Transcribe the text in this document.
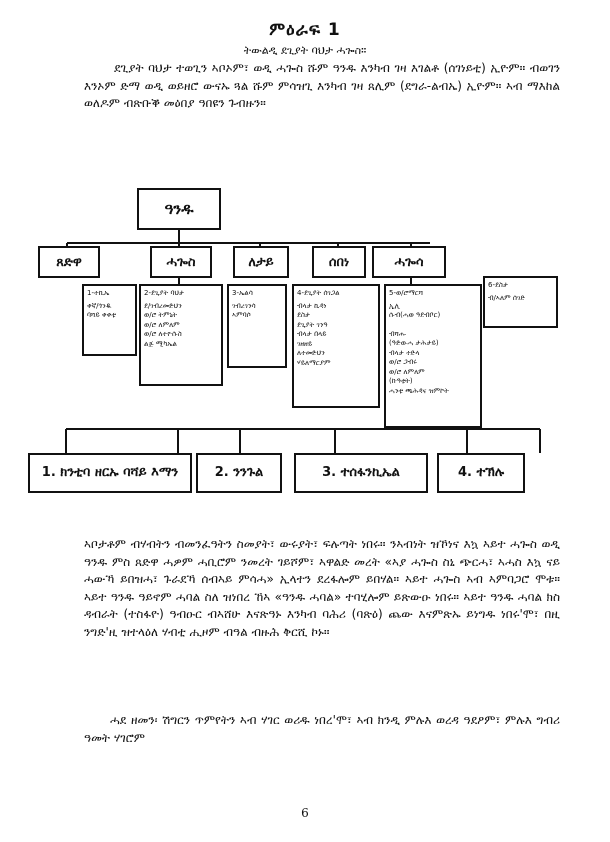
ምዕራፍ 1
ትውልዲ ደጊያት ባህታ ሓጐስ።

ደጊያት ባህታ ተወጊን ኣቦኦም፣ ወዲ ሓጐስ ሹም ዓንዱ እንካብ ገዛ እገልቶ (ሰገነይቲ) ኢዮም። ብወገን እንኦም ድማ ወዲ ወይዘሮ ውናኡ ጓል ሹም ምሳዝጊ እንካብ ገዛ ጸሊም (ደግራ-ልብኤ) ኢዮም። ኣብ ማእከል ወለዶም ብጽቡቕ መዕበያ ዓበዩን ጉብዙን።

ዓንዱ
ጸድዋ	ሓጐስ	ለታይ	ሰበነ	ሓጐሳ
1-ተኪኤ
ቀኛ/ጎንዱ
ባሻይ ቀቀቲ
2-ደጊያት ባህታ
ደ/ገብረመድህን
ወ/ሮ ትምኒት
ወ/ሮ ለምለም
ወ/ሮ ለተዮሱስ
ልጅ ሚካኤል
3-ኤልሳ
ገብረገንሳ
ኣምባሶ
4-ደጊያት ሰገጋል
ብላታ ኪዳነ
ደስታ
ደጊያት ገንዓ
ብላታ በላይ
ገዘዘይ
ለተመድህን
ሃይለማርያም
5-ወ/ሮማርሻ
ኢሊ
ሱብ(ሓወ ዓደብቦር)
ብሻሑ
(ዓድውሓ ታሕታይ)
ብላታ ተድላ
ወ/ሮ ጋብሩ
ወ/ሮ ለምለም
(ኩዓቲት)
ሓንቲ ጫሕዳና ዝምኮት
6-ደስታ
ብ/ኣለም ሰገድ
1. ክንቲባ ዘርኡ ባሻይ እማን	2. ንንጉል	3. ተሰፋንኪኤል	4. ተኽሉ

ኣቦታቶም ብሃብትን ብመንፈዓትን ስመያት፣ ውሩያት፣ ፍሉጣት ነበሩ። ንኣብነት ዝኾነና እኳ ኣይተ ሓጐስ ወዲ ዓንዱ ምስ ጸድዋ ሓዎም ሓቢሮም ንመረት ገይሾም፣ ኣዋልድ መረት «ኣያ ሓጐስ ስኒ ጭርሓ፣ ኣሓስ እኳ ናይ ሓውኻ ይበዝሓ፣ ጉራደኻ ሰብኣይ ምሳሓ» ኢላተን ደረፋሎም ይበሃል። ኣይተ ሓጐስ ኣብ ኣምባጋሮ ሞቱ። ኣይተ ዓንዱ ዓይኖም ሓባል ስለ ዝነበረ ኸኣ «ዓንዱ ሓባል» ተባሂሎም ይጽውዑ ነበሩ። ኣይተ ዓንዱ ሓባል ክስ ዳብራት (ተስፋዮ) ዓብዑር ብኣሸሁ እናጽዓኑ እንካብ ባሕሪ (ባጽዕ) ጨው እናምጽኡ ይነግዱ ነበሩ'ሞ፣ በዚ ንግድ'ዚ ዝተላዕለ ሃብቲ ሒዞም ብዓል ብዙሕ ቅርሺ ኮኑ።

ሓደ ዘመን፡ ሽግርን ጥምየትን ኣብ ሃገር ወሪዱ ነበረ'ሞ፣ ኣብ ክንዲ ምሉእ ወረዳ ዓደዖም፣ ምሉእ ግብሪ ዓመት ሃገሮም

6
